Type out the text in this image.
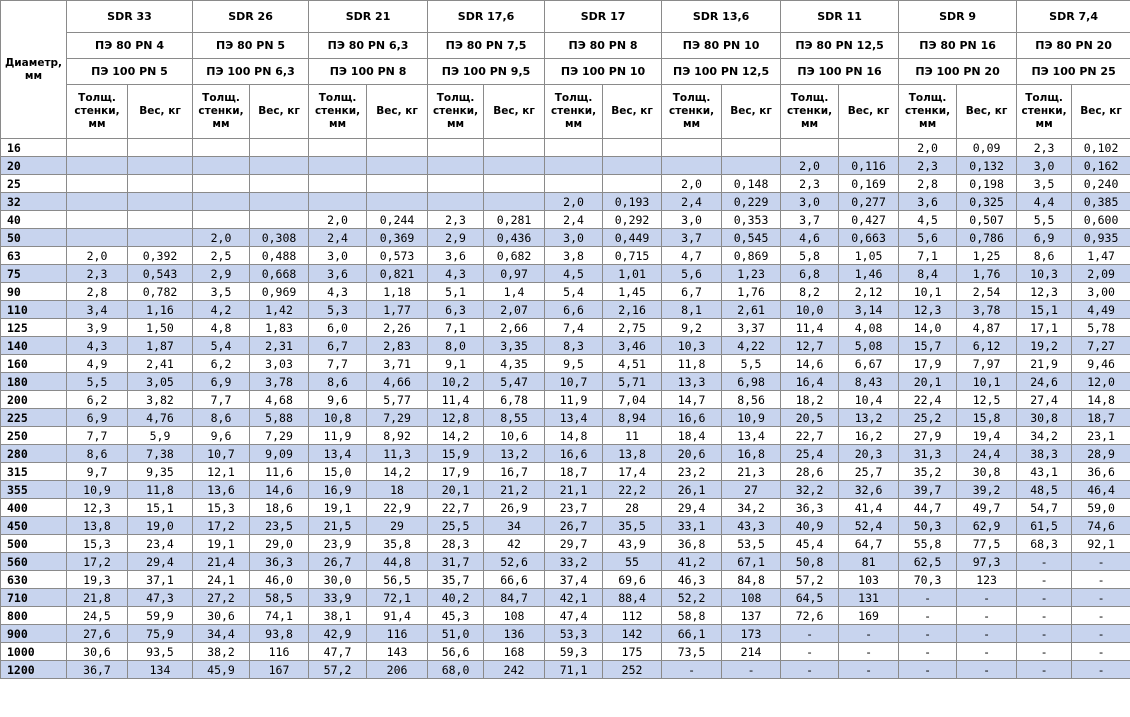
Диаметр, мм	SDR 33		SDR 26		SDR 21		SDR 17,6		SDR 17		SDR 13,6		SDR 11		SDR 9		SDR 7,4	
	ПЭ 80 PN 4		ПЭ 80 PN 5		ПЭ 80 PN 6,3		ПЭ 80 PN 7,5		ПЭ 80 PN 8		ПЭ 80 PN 10		ПЭ 80 PN 12,5		ПЭ 80 PN 16		ПЭ 80 PN 20	
	ПЭ 100 PN 5		ПЭ 100 PN 6,3		ПЭ 100 PN 8		ПЭ 100 PN 9,5		ПЭ 100 PN 10		ПЭ 100 PN 12,5		ПЭ 100 PN 16		ПЭ 100 PN 20		ПЭ 100 PN 25	
	Толщ. стенки, мм	Вес, кг	Толщ. стенки, мм	Вес, кг	Толщ. стенки, мм	Вес, кг	Толщ. стенки, мм	Вес, кг	Толщ. стенки, мм	Вес, кг	Толщ. стенки, мм	Вес, кг	Толщ. стенки, мм	Вес, кг	Толщ. стенки, мм	Вес, кг	Толщ. стенки, мм	Вес, кг
16															2,0	0,09	2,3	0,102
20													2,0	0,116	2,3	0,132	3,0	0,162
25											2,0	0,148	2,3	0,169	2,8	0,198	3,5	0,240
32									2,0	0,193	2,4	0,229	3,0	0,277	3,6	0,325	4,4	0,385
40					2,0	0,244	2,3	0,281	2,4	0,292	3,0	0,353	3,7	0,427	4,5	0,507	5,5	0,600
50			2,0	0,308	2,4	0,369	2,9	0,436	3,0	0,449	3,7	0,545	4,6	0,663	5,6	0,786	6,9	0,935
63	2,0	0,392	2,5	0,488	3,0	0,573	3,6	0,682	3,8	0,715	4,7	0,869	5,8	1,05	7,1	1,25	8,6	1,47
75	2,3	0,543	2,9	0,668	3,6	0,821	4,3	0,97	4,5	1,01	5,6	1,23	6,8	1,46	8,4	1,76	10,3	2,09
90	2,8	0,782	3,5	0,969	4,3	1,18	5,1	1,4	5,4	1,45	6,7	1,76	8,2	2,12	10,1	2,54	12,3	3,00
110	3,4	1,16	4,2	1,42	5,3	1,77	6,3	2,07	6,6	2,16	8,1	2,61	10,0	3,14	12,3	3,78	15,1	4,49
125	3,9	1,50	4,8	1,83	6,0	2,26	7,1	2,66	7,4	2,75	9,2	3,37	11,4	4,08	14,0	4,87	17,1	5,78
140	4,3	1,87	5,4	2,31	6,7	2,83	8,0	3,35	8,3	3,46	10,3	4,22	12,7	5,08	15,7	6,12	19,2	7,27
160	4,9	2,41	6,2	3,03	7,7	3,71	9,1	4,35	9,5	4,51	11,8	5,5	14,6	6,67	17,9	7,97	21,9	9,46
180	5,5	3,05	6,9	3,78	8,6	4,66	10,2	5,47	10,7	5,71	13,3	6,98	16,4	8,43	20,1	10,1	24,6	12,0
200	6,2	3,82	7,7	4,68	9,6	5,77	11,4	6,78	11,9	7,04	14,7	8,56	18,2	10,4	22,4	12,5	27,4	14,8
225	6,9	4,76	8,6	5,88	10,8	7,29	12,8	8,55	13,4	8,94	16,6	10,9	20,5	13,2	25,2	15,8	30,8	18,7
250	7,7	5,9	9,6	7,29	11,9	8,92	14,2	10,6	14,8	11	18,4	13,4	22,7	16,2	27,9	19,4	34,2	23,1
280	8,6	7,38	10,7	9,09	13,4	11,3	15,9	13,2	16,6	13,8	20,6	16,8	25,4	20,3	31,3	24,4	38,3	28,9
315	9,7	9,35	12,1	11,6	15,0	14,2	17,9	16,7	18,7	17,4	23,2	21,3	28,6	25,7	35,2	30,8	43,1	36,6
355	10,9	11,8	13,6	14,6	16,9	18	20,1	21,2	21,1	22,2	26,1	27	32,2	32,6	39,7	39,2	48,5	46,4
400	12,3	15,1	15,3	18,6	19,1	22,9	22,7	26,9	23,7	28	29,4	34,2	36,3	41,4	44,7	49,7	54,7	59,0
450	13,8	19,0	17,2	23,5	21,5	29	25,5	34	26,7	35,5	33,1	43,3	40,9	52,4	50,3	62,9	61,5	74,6
500	15,3	23,4	19,1	29,0	23,9	35,8	28,3	42	29,7	43,9	36,8	53,5	45,4	64,7	55,8	77,5	68,3	92,1
560	17,2	29,4	21,4	36,3	26,7	44,8	31,7	52,6	33,2	55	41,2	67,1	50,8	81	62,5	97,3	-	-
630	19,3	37,1	24,1	46,0	30,0	56,5	35,7	66,6	37,4	69,6	46,3	84,8	57,2	103	70,3	123	-	-
710	21,8	47,3	27,2	58,5	33,9	72,1	40,2	84,7	42,1	88,4	52,2	108	64,5	131	-	-	-	-
800	24,5	59,9	30,6	74,1	38,1	91,4	45,3	108	47,4	112	58,8	137	72,6	169	-	-	-	-
900	27,6	75,9	34,4	93,8	42,9	116	51,0	136	53,3	142	66,1	173	-	-	-	-	-	-
1000	30,6	93,5	38,2	116	47,7	143	56,6	168	59,3	175	73,5	214	-	-	-	-	-	-
1200	36,7	134	45,9	167	57,2	206	68,0	242	71,1	252	-	-	-	-	-	-	-	-
